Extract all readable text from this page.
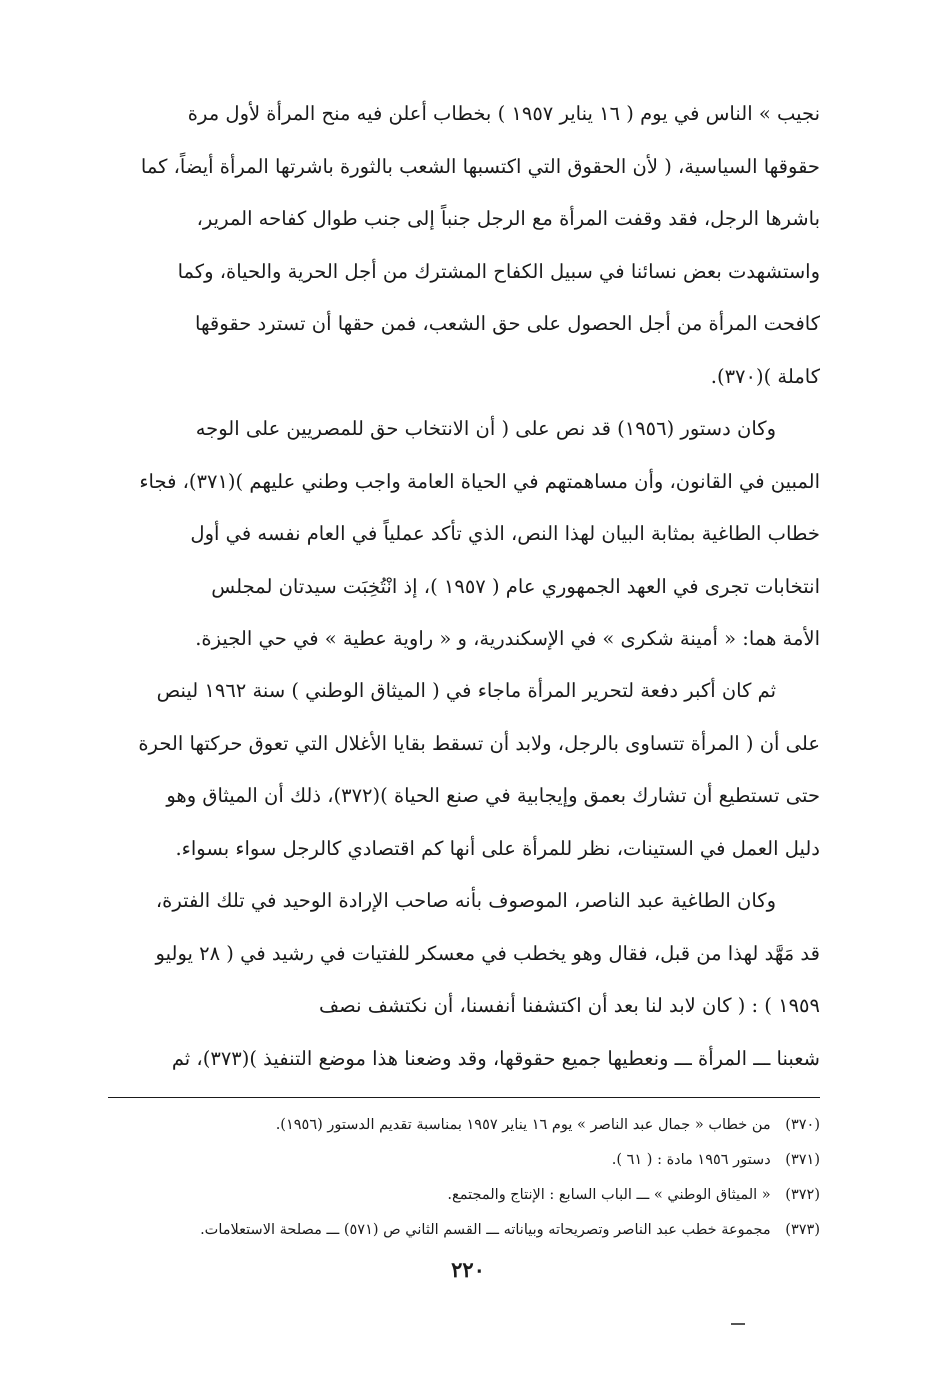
نجيب » الناس في يوم ( ١٦ يناير ١٩٥٧ ) بخطاب أعلن فيه منح المرأة لأول مرة
حقوقها السياسية، ( لأن الحقوق التي اكتسبها الشعب بالثورة باشرتها المرأة أيضاً، كما
باشرها الرجل، فقد وقفت المرأة مع الرجل جنباً إلى جنب طوال كفاحه المرير،
واستشهدت بعض نسائنا في سبيل الكفاح المشترك من أجل الحرية والحياة، وكما
كافحت المرأة من أجل الحصول على حق الشعب، فمن حقها أن تسترد حقوقها
كاملة )(٣٧٠).
وكان دستور (١٩٥٦) قد نص على ( أن الانتخاب حق للمصريين على الوجه
المبين في القانون، وأن مساهمتهم في الحياة العامة واجب وطني عليهم )(٣٧١)، فجاء
خطاب الطاغية بمثابة البيان لهذا النص، الذي تأكد عملياً في العام نفسه في أول
انتخابات تجرى في العهد الجمهوري عام ( ١٩٥٧ )، إذ انْتُخِبَت سيدتان لمجلس
الأمة هما: « أمينة شكرى » في الإسكندرية، و « راوية عطية » في حي الجيزة.
ثم كان أكبر دفعة لتحرير المرأة ماجاء في ( الميثاق الوطني ) سنة ١٩٦٢ لينص
على أن ( المرأة تتساوى بالرجل، ولابد أن تسقط بقايا الأغلال التي تعوق حركتها الحرة
حتى تستطيع أن تشارك بعمق وإيجابية في صنع الحياة )(٣٧٢)، ذلك أن الميثاق وهو
دليل العمل في الستينات، نظر للمرأة على أنها كم اقتصادي كالرجل سواء بسواء.
وكان الطاغية عبد الناصر، الموصوف بأنه صاحب الإرادة الوحيد في تلك الفترة،
قد مَهَّد لهذا من قبل، فقال وهو يخطب في معسكر للفتيات في رشيد في ( ٢٨ يوليو
١٩٥٩ ) : ( كان لابد لنا بعد أن اكتشفنا أنفسنا، أن نكتشف نصف
شعبنا ـــ المرأة ـــ ونعطيها جميع حقوقها، وقد وضعنا هذا موضع التنفيذ )(٣٧٣)، ثم
(٣٧٠) من خطاب « جمال عبد الناصر » يوم ١٦ يناير ١٩٥٧ بمناسبة تقديم الدستور (١٩٥٦).
(٣٧١) دستور ١٩٥٦ مادة : ( ٦١ ).
(٣٧٢) « الميثاق الوطني » ـــ الباب السابع : الإنتاج والمجتمع.
(٣٧٣) مجموعة خطب عبد الناصر وتصريحاته وبياناته ـــ القسم الثاني ص (٥٧١) ـــ مصلحة الاستعلامات.
٢٢٠
